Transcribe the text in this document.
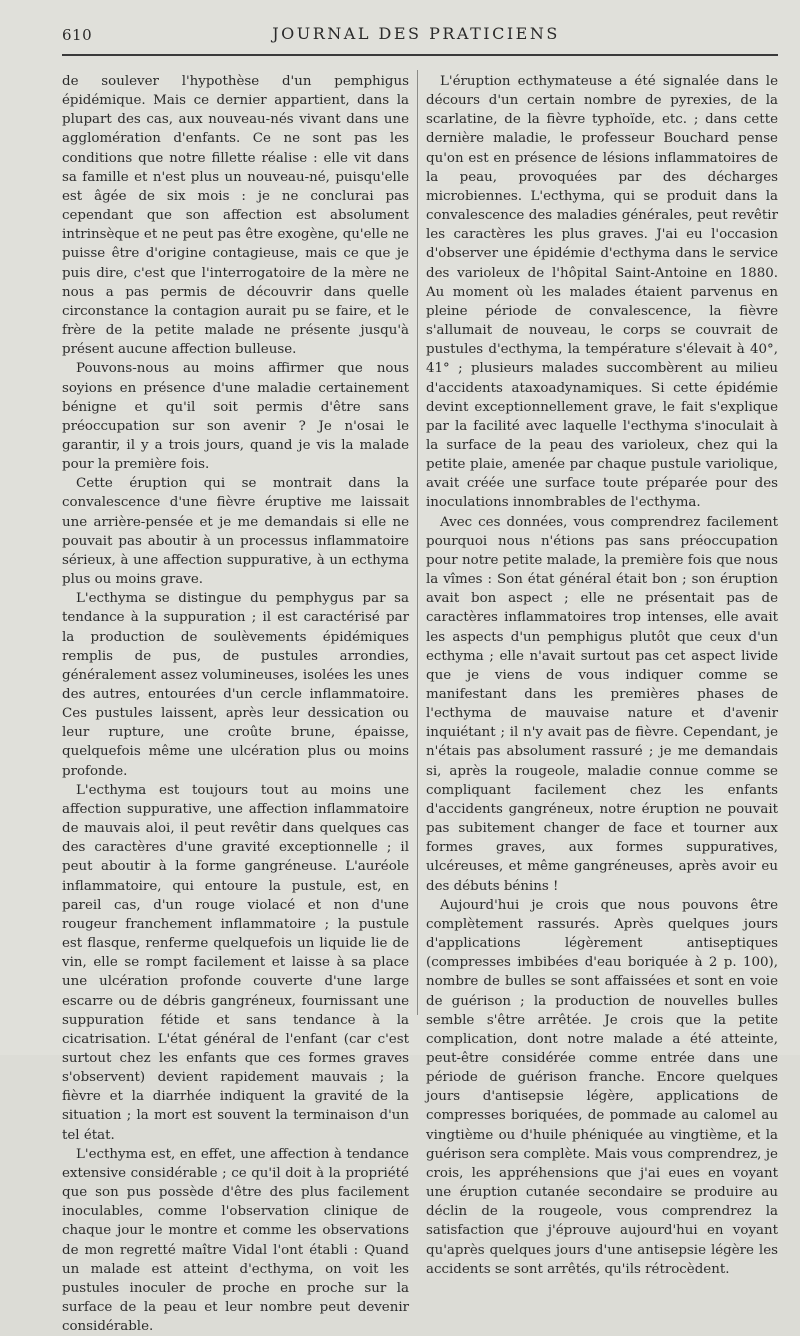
610	JOURNAL DES PRATICIENS

de soulever l'hypothèse d'un pemphigus épidémique. Mais ce dernier appartient, dans la plupart des cas, aux nouveau-nés vivant dans une agglomération d'enfants. Ce ne sont pas les conditions que notre fillette réalise : elle vit dans sa famille et n'est plus un nouveau-né, puisqu'elle est âgée de six mois : je ne conclurai pas cependant que son affection est absolument intrinsèque et ne peut pas être exogène, qu'elle ne puisse être d'origine contagieuse, mais ce que je puis dire, c'est que l'interrogatoire de la mère ne nous a pas permis de découvrir dans quelle circonstance la contagion aurait pu se faire, et le frère de la petite malade ne présente jusqu'à présent aucune affection bulleuse.

Pouvons-nous au moins affirmer que nous soyions en présence d'une maladie certainement bénigne et qu'il soit permis d'être sans préoccupation sur son avenir ? Je n'osai le garantir, il y a trois jours, quand je vis la malade pour la première fois.

Cette éruption qui se montrait dans la convalescence d'une fièvre éruptive me laissait une arrière-pensée et je me demandais si elle ne pouvait pas aboutir à un processus inflammatoire sérieux, à une affection suppurative, à un ecthyma plus ou moins grave.

L'ecthyma se distingue du pemphygus par sa tendance à la suppuration ; il est caractérisé par la production de soulèvements épidémiques remplis de pus, de pustules arrondies, généralement assez volumineuses, isolées les unes des autres, entourées d'un cercle inflammatoire. Ces pustules laissent, après leur dessication ou leur rupture, une croûte brune, épaisse, quelquefois même une ulcération plus ou moins profonde.

L'ecthyma est toujours tout au moins une affection suppurative, une affection inflammatoire de mauvais aloi, il peut revêtir dans quelques cas des caractères d'une gravité exceptionnelle ; il peut aboutir à la forme gangréneuse. L'auréole inflammatoire, qui entoure la pustule, est, en pareil cas, d'un rouge violacé et non d'une rougeur franchement inflammatoire ; la pustule est flasque, renferme quelquefois un liquide lie de vin, elle se rompt facilement et laisse à sa place une ulcération profonde couverte d'une large escarre ou de débris gangréneux, fournissant une suppuration fétide et sans tendance à la cicatrisation. L'état général de l'enfant (car c'est surtout chez les enfants que ces formes graves s'observent) devient rapidement mauvais ; la fièvre et la diarrhée indiquent la gravité de la situation ; la mort est souvent la terminaison d'un tel état.

L'ecthyma est, en effet, une affection à tendance extensive considérable ; ce qu'il doit à la propriété que son pus possède d'être des plus facilement inoculables, comme l'observation clinique de chaque jour le montre et comme les observations de mon regretté maître Vidal l'ont établi : Quand un malade est atteint d'ecthyma, on voit les pustules inoculer de proche en proche sur la surface de la peau et leur nombre peut devenir considérable.

L'éruption ecthymateuse a été signalée dans le décours d'un certain nombre de pyrexies, de la scarlatine, de la fièvre typhoïde, etc. ; dans cette dernière maladie, le professeur Bouchard pense qu'on est en présence de lésions inflammatoires de la peau, provoquées par des décharges microbiennes. L'ecthyma, qui se produit dans la convalescence des maladies générales, peut revêtir les caractères les plus graves. J'ai eu l'occasion d'observer une épidémie d'ecthyma dans le service des varioleux de l'hôpital Saint-Antoine en 1880. Au moment où les malades étaient parvenus en pleine période de convalescence, la fièvre s'allumait de nouveau, le corps se couvrait de pustules d'ecthyma, la température s'élevait à 40°, 41° ; plusieurs malades succombèrent au milieu d'accidents ataxoadynamiques. Si cette épidémie devint exceptionnellement grave, le fait s'explique par la facilité avec laquelle l'ecthyma s'inoculait à la surface de la peau des varioleux, chez qui la petite plaie, amenée par chaque pustule variolique, avait créée une surface toute préparée pour des inoculations innombrables de l'ecthyma.

Avec ces données, vous comprendrez facilement pourquoi nous n'étions pas sans préoccupation pour notre petite malade, la première fois que nous la vîmes : Son état général était bon ; son éruption avait bon aspect ; elle ne présentait pas de caractères inflammatoires trop intenses, elle avait les aspects d'un pemphigus plutôt que ceux d'un ecthyma ; elle n'avait surtout pas cet aspect livide que je viens de vous indiquer comme se manifestant dans les premières phases de l'ecthyma de mauvaise nature et d'avenir inquiétant ; il n'y avait pas de fièvre. Cependant, je n'étais pas absolument rassuré ; je me demandais si, après la rougeole, maladie connue comme se compliquant facilement chez les enfants d'accidents gangréneux, notre éruption ne pouvait pas subitement changer de face et tourner aux formes graves, aux formes suppuratives, ulcéreuses, et même gangréneuses, après avoir eu des débuts bénins !

Aujourd'hui je crois que nous pouvons être complètement rassurés. Après quelques jours d'applications légèrement antiseptiques (compresses imbibées d'eau boriquée à 2 p. 100), nombre de bulles se sont affaissées et sont en voie de guérison ; la production de nouvelles bulles semble s'être arrêtée. Je crois que la petite complication, dont notre malade a été atteinte, peut-être considérée comme entrée dans une période de guérison franche. Encore quelques jours d'antisepsie légère, applications de compresses boriquées, de pommade au calomel au vingtième ou d'huile phéniquée au vingtième, et la guérison sera complète. Mais vous comprendrez, je crois, les appréhensions que j'ai eues en voyant une éruption cutanée secondaire se produire au déclin de la rougeole, vous comprendrez la satisfaction que j'éprouve aujourd'hui en voyant qu'après quelques jours d'une antisepsie légère les accidents se sont arrêtés, qu'ils rétrocèdent.
